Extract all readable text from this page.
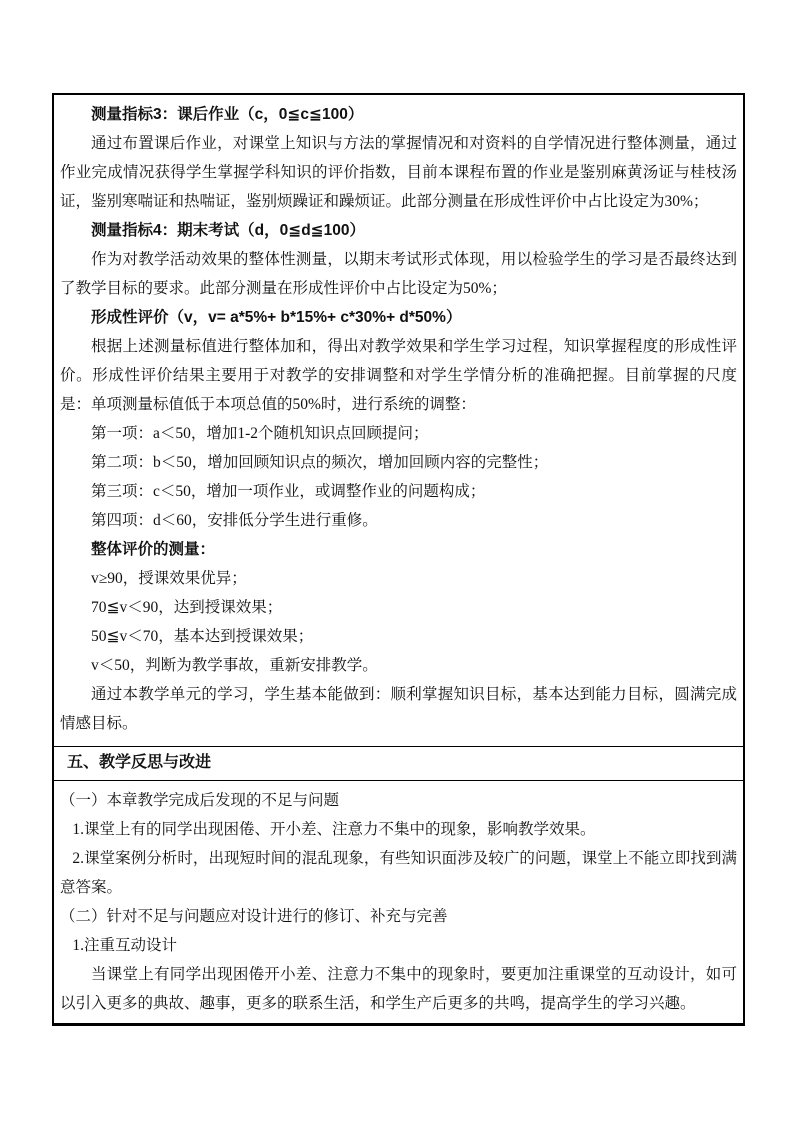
测量指标3：课后作业（c，0≦c≦100）

通过布置课后作业，对课堂上知识与方法的掌握情况和对资料的自学情况进行整体测量，通过作业完成情况获得学生掌握学科知识的评价指数，目前本课程布置的作业是鉴别麻黄汤证与桂枝汤证，鉴别寒喘证和热喘证，鉴别烦躁证和躁烦证。此部分测量在形成性评价中占比设定为30%；

测量指标4：期末考试（d，0≦d≦100）

作为对教学活动效果的整体性测量，以期末考试形式体现，用以检验学生的学习是否最终达到了教学目标的要求。此部分测量在形成性评价中占比设定为50%；

形成性评价（v，v= a*5%+ b*15%+ c*30%+ d*50%）

根据上述测量标值进行整体加和，得出对教学效果和学生学习过程，知识掌握程度的形成性评价。形成性评价结果主要用于对教学的安排调整和对学生学情分析的准确把握。目前掌握的尺度是：单项测量标值低于本项总值的50%时，进行系统的调整：

第一项：a＜50，增加1-2个随机知识点回顾提问；

第二项：b＜50，增加回顾知识点的频次，增加回顾内容的完整性；

第三项：c＜50，增加一项作业，或调整作业的问题构成；

第四项：d＜60，安排低分学生进行重修。

整体评价的测量：

v≥90，授课效果优异；

70≦v＜90，达到授课效果；

50≦v＜70，基本达到授课效果；

v＜50，判断为教学事故，重新安排教学。

通过本教学单元的学习，学生基本能做到：顺利掌握知识目标，基本达到能力目标，圆满完成情感目标。

五、教学反思与改进

（一）本章教学完成后发现的不足与问题

1.课堂上有的同学出现困倦、开小差、注意力不集中的现象，影响教学效果。

2.课堂案例分析时，出现短时间的混乱现象，有些知识面涉及较广的问题，课堂上不能立即找到满意答案。

（二）针对不足与问题应对设计进行的修订、补充与完善

1.注重互动设计

当课堂上有同学出现困倦开小差、注意力不集中的现象时，要更加注重课堂的互动设计，如可以引入更多的典故、趣事，更多的联系生活，和学生产后更多的共鸣，提高学生的学习兴趣。
